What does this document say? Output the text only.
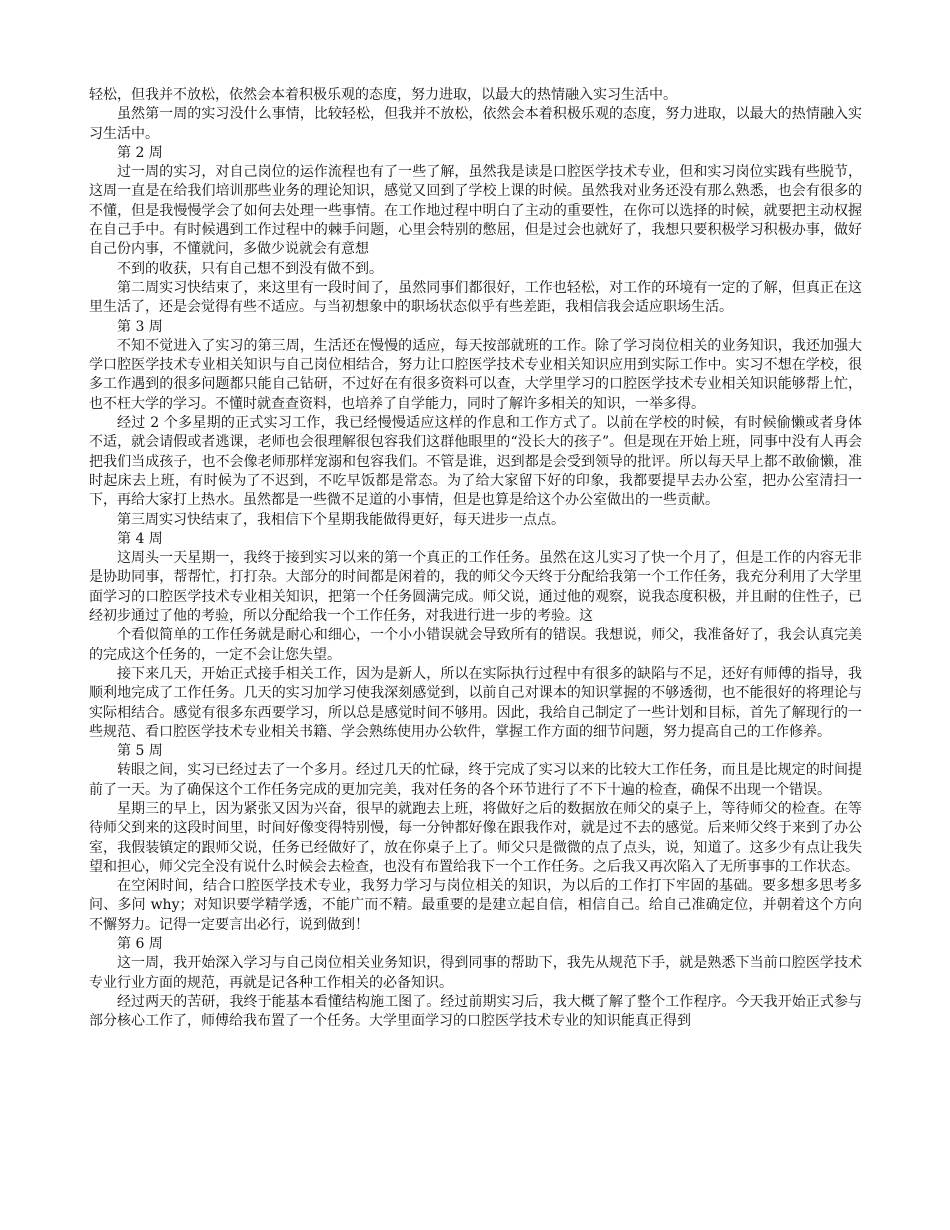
轻松，但我并不放松，依然会本着积极乐观的态度，努力进取，以最大的热情融入实习生活中。

虽然第一周的实习没什么事情，比较轻松，但我并不放松，依然会本着积极乐观的态度，努力进取，以最大的热情融入实习生活中。

第 2 周

过一周的实习，对自己岗位的运作流程也有了一些了解，虽然我是读是口腔医学技术专业，但和实习岗位实践有些脱节，这周一直是在给我们培训那些业务的理论知识，感觉又回到了学校上课的时候。虽然我对业务还没有那么熟悉，也会有很多的不懂，但是我慢慢学会了如何去处理一些事情。在工作地过程中明白了主动的重要性，在你可以选择的时候，就要把主动权握在自己手中。有时候遇到工作过程中的棘手问题，心里会特别的憋屈，但是过会也就好了，我想只要积极学习积极办事，做好自己份内事，不懂就问，多做少说就会有意想

不到的收获，只有自己想不到没有做不到。

第二周实习快结束了，来这里有一段时间了，虽然同事们都很好，工作也轻松，对工作的环境有一定的了解，但真正在这里生活了，还是会觉得有些不适应。与当初想象中的职场状态似乎有些差距，我相信我会适应职场生活。

第 3 周

不知不觉进入了实习的第三周，生活还在慢慢的适应，每天按部就班的工作。除了学习岗位相关的业务知识，我还加强大学口腔医学技术专业相关知识与自己岗位相结合，努力让口腔医学技术专业相关知识应用到实际工作中。实习不想在学校，很多工作遇到的很多问题都只能自己钻研，不过好在有很多资料可以查，大学里学习的口腔医学技术专业相关知识能够帮上忙，也不枉大学的学习。不懂时就查查资料，也培养了自学能力，同时了解许多相关的知识，一举多得。

经过 2 个多星期的正式实习工作，我已经慢慢适应这样的作息和工作方式了。以前在学校的时候，有时候偷懒或者身体不适，就会请假或者逃课，老师也会很理解很包容我们这群他眼里的“没长大的孩子”。但是现在开始上班，同事中没有人再会把我们当成孩子，也不会像老师那样宠溺和包容我们。不管是谁，迟到都是会受到领导的批评。所以每天早上都不敢偷懒，准时起床去上班，有时候为了不迟到，不吃早饭都是常态。为了给大家留下好的印象，我都要提早去办公室，把办公室清扫一下，再给大家打上热水。虽然都是一些微不足道的小事情，但是也算是给这个办公室做出的一些贡献。

第三周实习快结束了，我相信下个星期我能做得更好，每天进步一点点。

第 4 周

这周头一天星期一，我终于接到实习以来的第一个真正的工作任务。虽然在这儿实习了快一个月了，但是工作的内容无非是协助同事，帮帮忙，打打杂。大部分的时间都是闲着的，我的师父今天终于分配给我第一个工作任务，我充分利用了大学里面学习的口腔医学技术专业相关知识，把第一个任务圆满完成。师父说，通过他的观察，说我态度积极，并且耐的住性子，已经初步通过了他的考验，所以分配给我一个工作任务，对我进行进一步的考验。这

个看似简单的工作任务就是耐心和细心，一个小小错误就会导致所有的错误。我想说，师父，我准备好了，我会认真完美的完成这个任务的，一定不会让您失望。

接下来几天，开始正式接手相关工作，因为是新人，所以在实际执行过程中有很多的缺陷与不足，还好有师傅的指导，我顺利地完成了工作任务。几天的实习加学习使我深刻感觉到，以前自己对课本的知识掌握的不够透彻，也不能很好的将理论与实际相结合。感觉有很多东西要学习，所以总是感觉时间不够用。因此，我给自己制定了一些计划和目标，首先了解现行的一些规范、看口腔医学技术专业相关书籍、学会熟练使用办公软件，掌握工作方面的细节问题，努力提高自己的工作修养。

第 5 周

转眼之间，实习已经过去了一个多月。经过几天的忙碌，终于完成了实习以来的比较大工作任务，而且是比规定的时间提前了一天。为了确保这个工作任务完成的更加完美，我对任务的各个环节进行了不下十遍的检查，确保不出现一个错误。

星期三的早上，因为紧张又因为兴奋，很早的就跑去上班，将做好之后的数据放在师父的桌子上，等待师父的检查。在等待师父到来的这段时间里，时间好像变得特别慢，每一分钟都好像在跟我作对，就是过不去的感觉。后来师父终于来到了办公室，我假装镇定的跟师父说，任务已经做好了，放在你桌子上了。师父只是微微的点了点头，说，知道了。这多少有点让我失望和担心，师父完全没有说什么时候会去检查，也没有布置给我下一个工作任务。之后我又再次陷入了无所事事的工作状态。

在空闲时间，结合口腔医学技术专业，我努力学习与岗位相关的知识，为以后的工作打下牢固的基础。要多想多思考多问、多问 why；对知识要学精学透，不能广而不精。最重要的是建立起自信，相信自己。给自己准确定位，并朝着这个方向不懈努力。记得一定要言出必行，说到做到！

第 6 周

这一周，我开始深入学习与自己岗位相关业务知识，得到同事的帮助下，我先从规范下手，就是熟悉下当前口腔医学技术专业行业方面的规范，再就是记各种工作相关的必备知识。

经过两天的苦研，我终于能基本看懂结构施工图了。经过前期实习后，我大概了解了整个工作程序。今天我开始正式参与部分核心工作了，师傅给我布置了一个任务。大学里面学习的口腔医学技术专业的知识能真正得到
